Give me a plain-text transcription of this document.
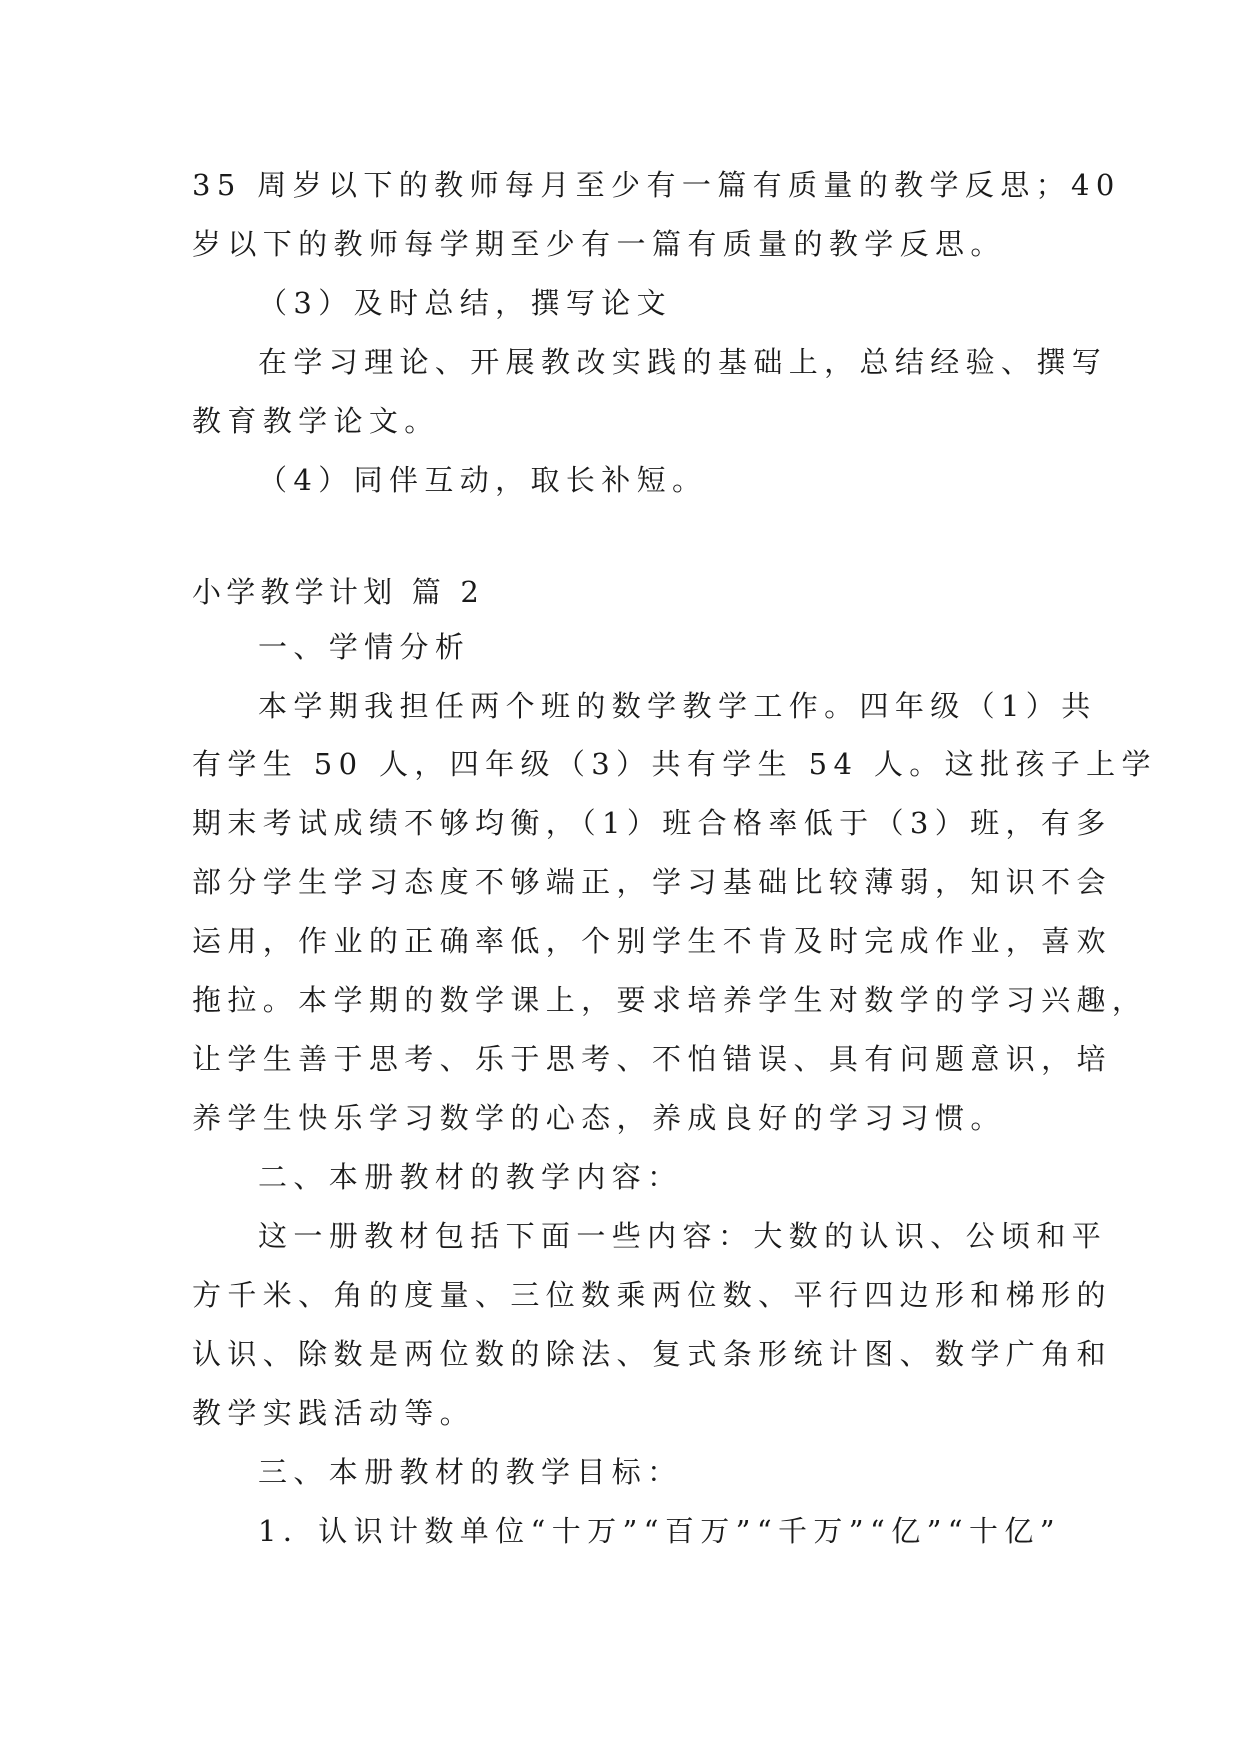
35 周岁以下的教师每月至少有一篇有质量的教学反思；40
岁以下的教师每学期至少有一篇有质量的教学反思。
（3）及时总结，撰写论文
在学习理论、开展教改实践的基础上，总结经验、撰写
教育教学论文。
（4）同伴互动，取长补短。
小学教学计划 篇 2
一、学情分析
本学期我担任两个班的数学教学工作。四年级（1）共
有学生 50 人，四年级（3）共有学生 54 人。这批孩子上学
期末考试成绩不够均衡，（1）班合格率低于（3）班，有多
部分学生学习态度不够端正，学习基础比较薄弱，知识不会
运用，作业的正确率低，个别学生不肯及时完成作业，喜欢
拖拉。本学期的数学课上，要求培养学生对数学的学习兴趣，
让学生善于思考、乐于思考、不怕错误、具有问题意识，培
养学生快乐学习数学的心态，养成良好的学习习惯。
二、本册教材的教学内容：
这一册教材包括下面一些内容：大数的认识、公顷和平
方千米、角的度量、三位数乘两位数、平行四边形和梯形的
认识、除数是两位数的除法、复式条形统计图、数学广角和
教学实践活动等。
三、本册教材的教学目标：
1．认识计数单位“十万”“百万”“千万”“亿”“十亿”
